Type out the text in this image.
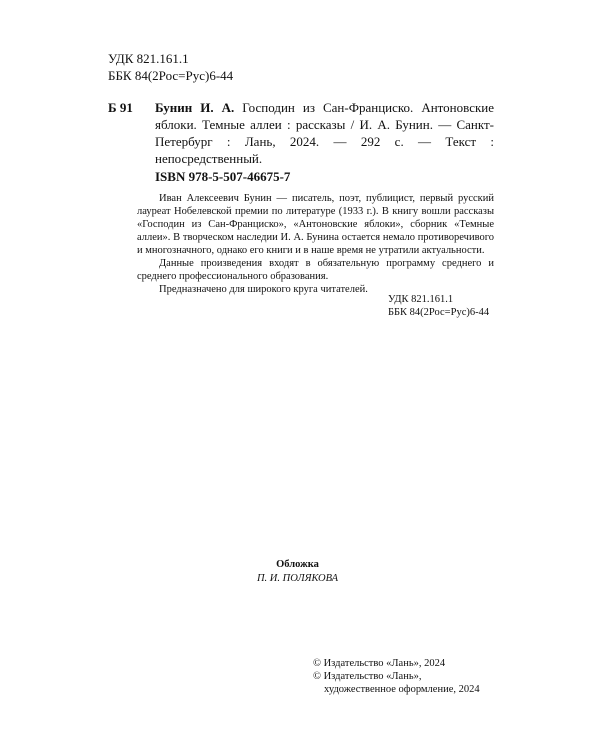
УДК 821.161.1
ББК 84(2Рос=Рус)6-44
Б 91 Бунин И. А. Господин из Сан-Франциско. Антоновские яблоки. Темные аллеи : рассказы / И. А. Бунин. — Санкт-Петербург : Лань, 2024. — 292 с. — Текст : непосредственный.
ISBN 978-5-507-46675-7

Иван Алексеевич Бунин — писатель, поэт, публицист, первый русский лауреат Нобелевской премии по литературе (1933 г.). В книгу вошли рассказы «Господин из Сан-Франциско», «Антоновские яблоки», сборник «Темные аллеи». В творческом наследии И. А. Бунина остается немало противоречивого и многозначного, однако его книги и в наше время не утратили актуальности.

Данные произведения входят в обязательную программу среднего и среднего профессионального образования.

Предназначено для широкого круга читателей.

УДК 821.161.1
ББК 84(2Рос=Рус)6-44
Обложка
П. И. ПОЛЯКОВА
© Издательство «Лань», 2024
© Издательство «Лань»,
художественное оформление, 2024
